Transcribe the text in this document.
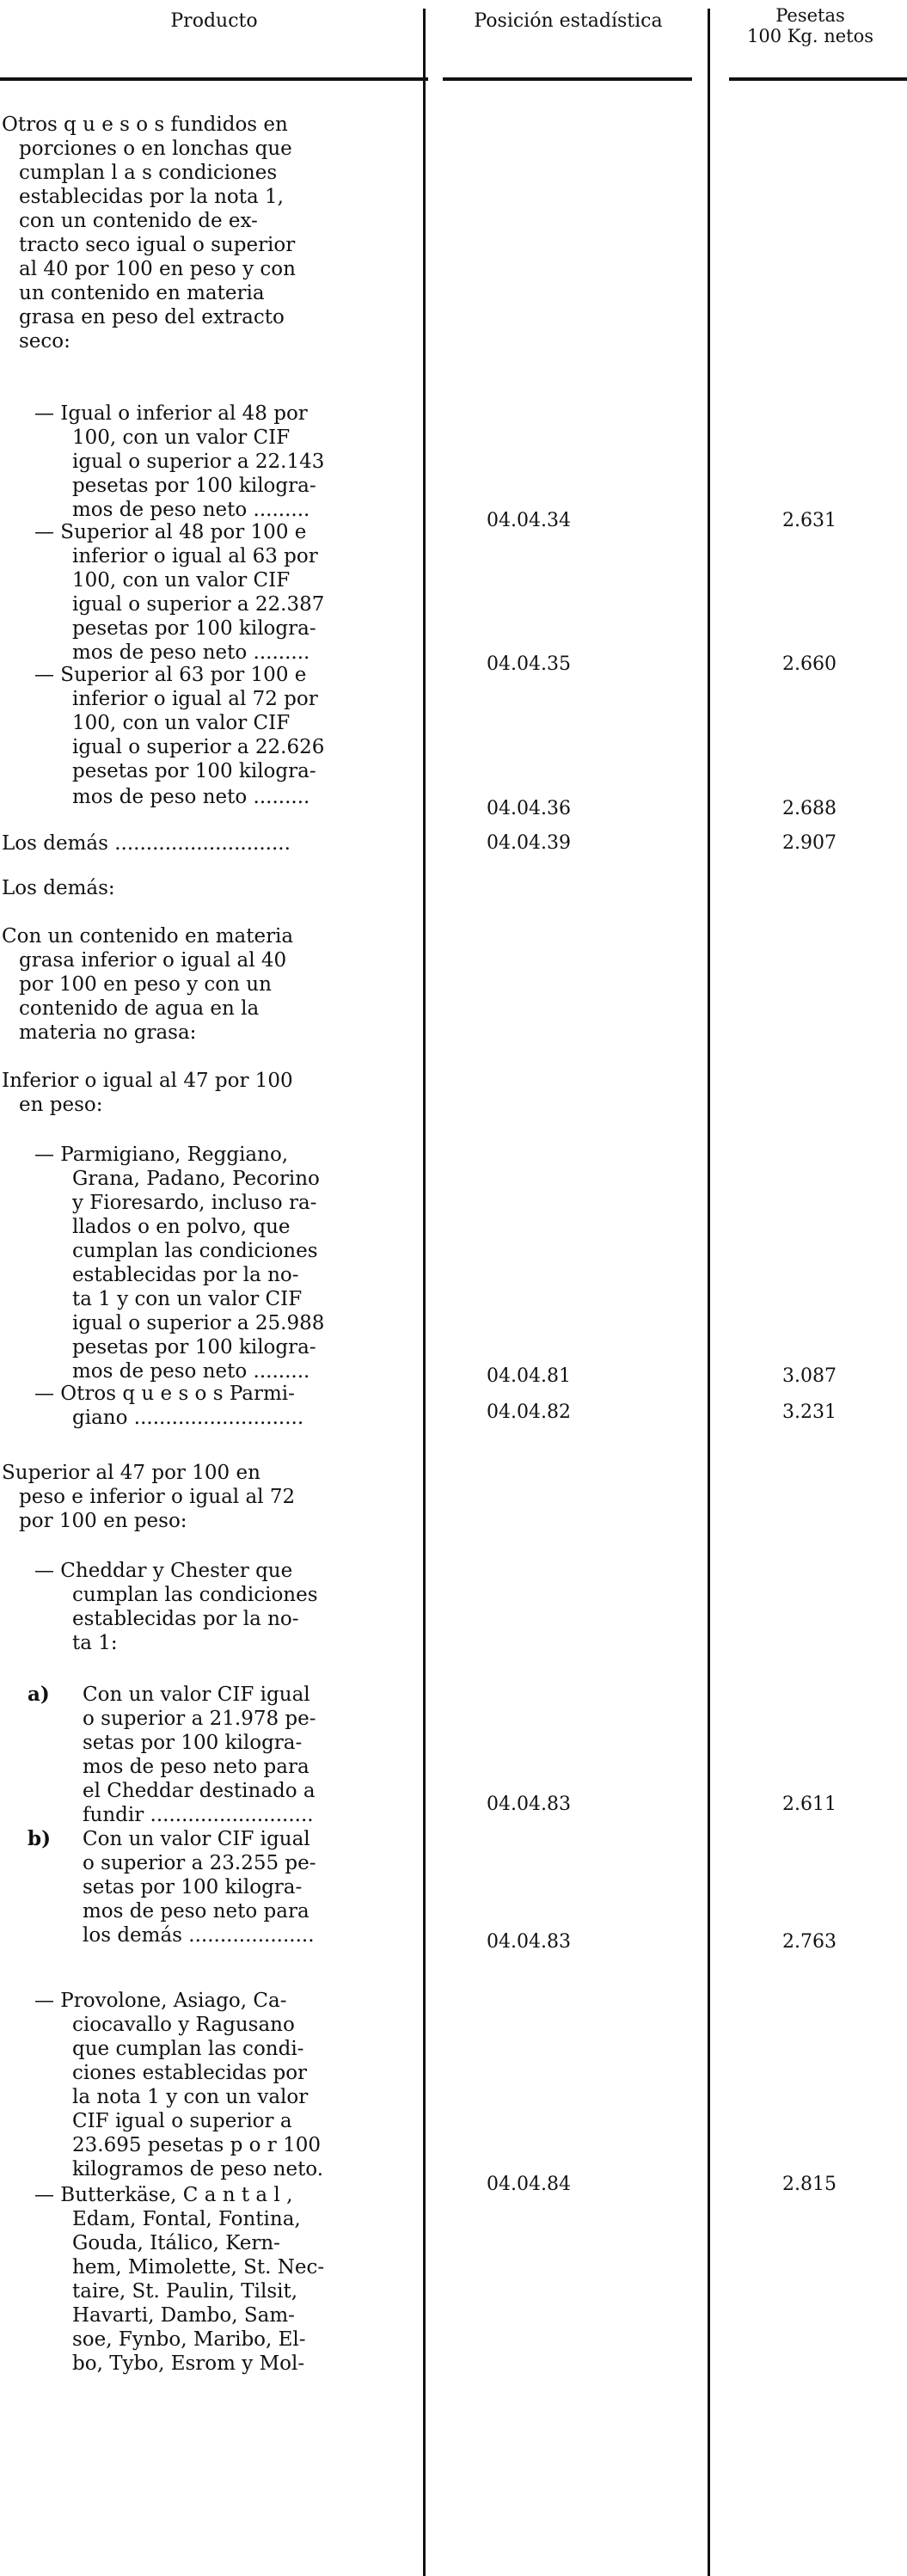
Producto	Posición estadística	Pesetas
100 Kg. netos
Otros q u e s o s fundidos en
porciones o en lonchas que
cumplan l a s condiciones
establecidas por la nota 1,
con un contenido de ex-
tracto seco igual o superior
al 40 por 100 en peso y con
un contenido en materia
grasa en peso del extracto
seco:
— Igual o inferior al 48 por
100, con un valor CIF
igual o superior a 22.143
pesetas por 100 kilogra-
mos de peso neto .........
— Superior al 48 por 100 e
inferior o igual al 63 por
100, con un valor CIF
igual o superior a 22.387
pesetas por 100 kilogra-
mos de peso neto .........
— Superior al 63 por 100 e
inferior o igual al 72 por
100, con un valor CIF
igual o superior a 22.626
pesetas por 100 kilogra-
mos de peso neto .........
Los demás ............................
Los demás:
Con un contenido en materia
grasa inferior o igual al 40
por 100 en peso y con un
contenido de agua en la
materia no grasa:
Inferior o igual al 47 por 100
en peso:
— Parmigiano, Reggiano,
Grana, Padano, Pecorino
y Fioresardo, incluso ra-
llados o en polvo, que
cumplan las condiciones
establecidas por la no-
ta 1 y con un valor CIF
igual o superior a 25.988
pesetas por 100 kilogra-
mos de peso neto .........
— Otros q u e s o s Parmi-
giano ...........................
Superior al 47 por 100 en
peso e inferior o igual al 72
por 100 en peso:
— Cheddar y Chester que
cumplan las condiciones
establecidas por la no-
ta 1:
a) Con un valor CIF igual
o superior a 21.978 pe-
setas por 100 kilogra-
mos de peso neto para
el Cheddar destinado a
fundir ..........................
b) Con un valor CIF igual
o superior a 23.255 pe-
setas por 100 kilogra-
mos de peso neto para
los demás ....................
— Provolone, Asiago, Ca-
ciocavallo y Ragusano
que cumplan las condi-
ciones establecidas por
la nota 1 y con un valor
CIF igual o superior a
23.695 pesetas p o r 100
kilogramos de peso neto.
— Butterkäse, C a n t a l ,
Edam, Fontal, Fontina,
Gouda, Itálico, Kern-
hem, Mimolette, St. Nec-
taire, St. Paulin, Tilsit,
Havarti, Dambo, Sam-
soe, Fynbo, Maribo, El-
bo, Tybo, Esrom y Mol-
04.04.34
04.04.35
04.04.36
04.04.39
04.04.81
04.04.82
04.04.83
04.04.83
04.04.84
2.631
2.660
2.688
2.907
3.087
3.231
2.611
2.763
2.815
